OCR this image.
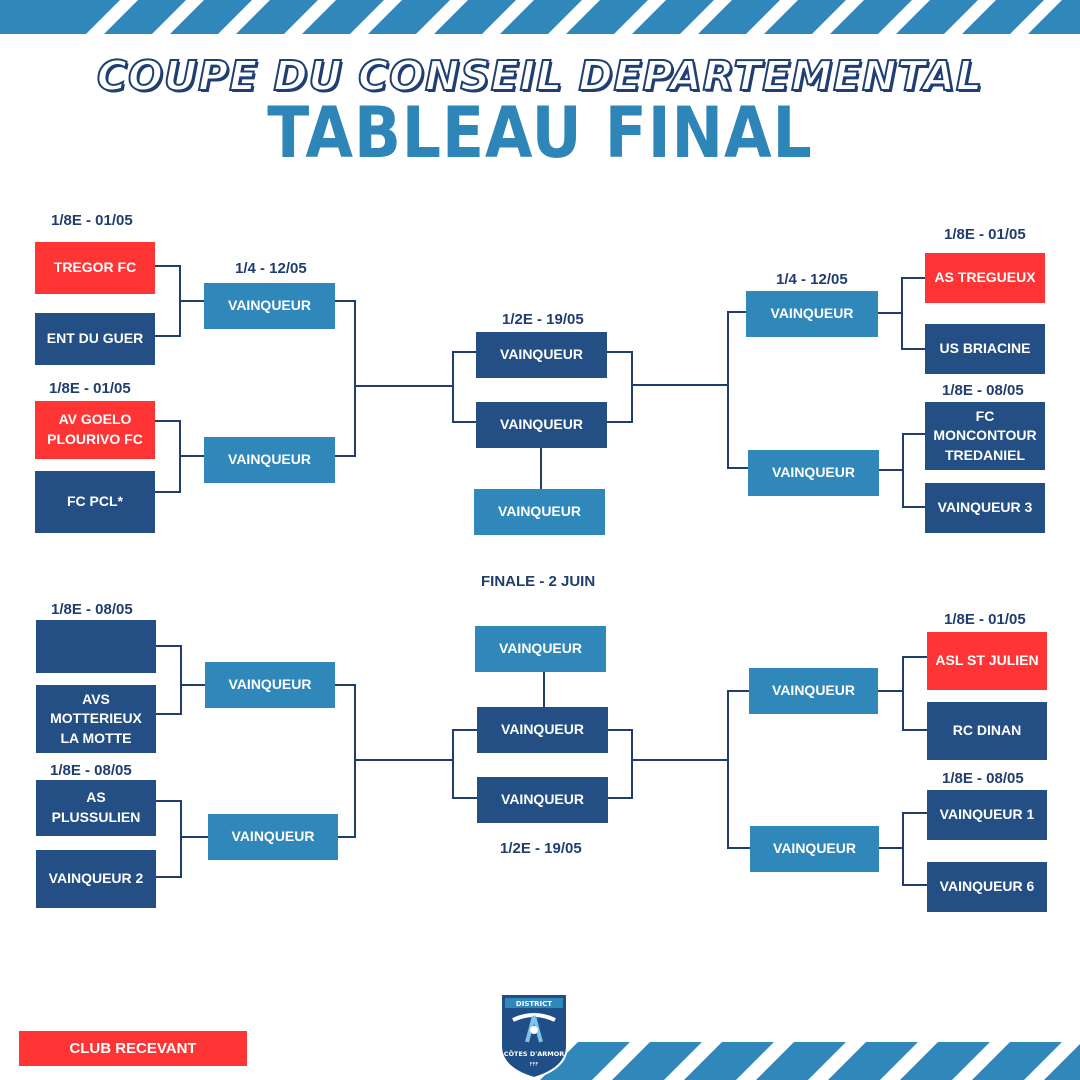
COUPE DU CONSEIL DEPARTEMENTAL
TABLEAU FINAL
1/8E - 01/05
1/4 - 12/05
1/8E - 01/05
1/2E - 19/05
1/4 - 12/05
1/8E - 01/05
1/8E - 08/05
FINALE - 2 JUIN
1/8E - 08/05
1/8E - 08/05
1/2E - 19/05
1/8E - 01/05
1/8E - 08/05
TREGOR FC
ENT DU GUER
AV GOELO
PLOURIVO FC
FC PCL*
VAINQUEUR
VAINQUEUR
VAINQUEUR
VAINQUEUR
VAINQUEUR
VAINQUEUR
VAINQUEUR
AS TREGUEUX
US BRIACINE
FC
MONCONTOUR
TREDANIEL
VAINQUEUR 3
AVS
MOTTERIEUX
LA MOTTE
AS
PLUSSULIEN
VAINQUEUR 2
VAINQUEUR
VAINQUEUR
VAINQUEUR
VAINQUEUR
VAINQUEUR
VAINQUEUR
VAINQUEUR
ASL ST JULIEN
RC DINAN
VAINQUEUR 1
VAINQUEUR 6
CLUB RECEVANT
DISTRICT
CÔTES D'ARMOR
FFF
